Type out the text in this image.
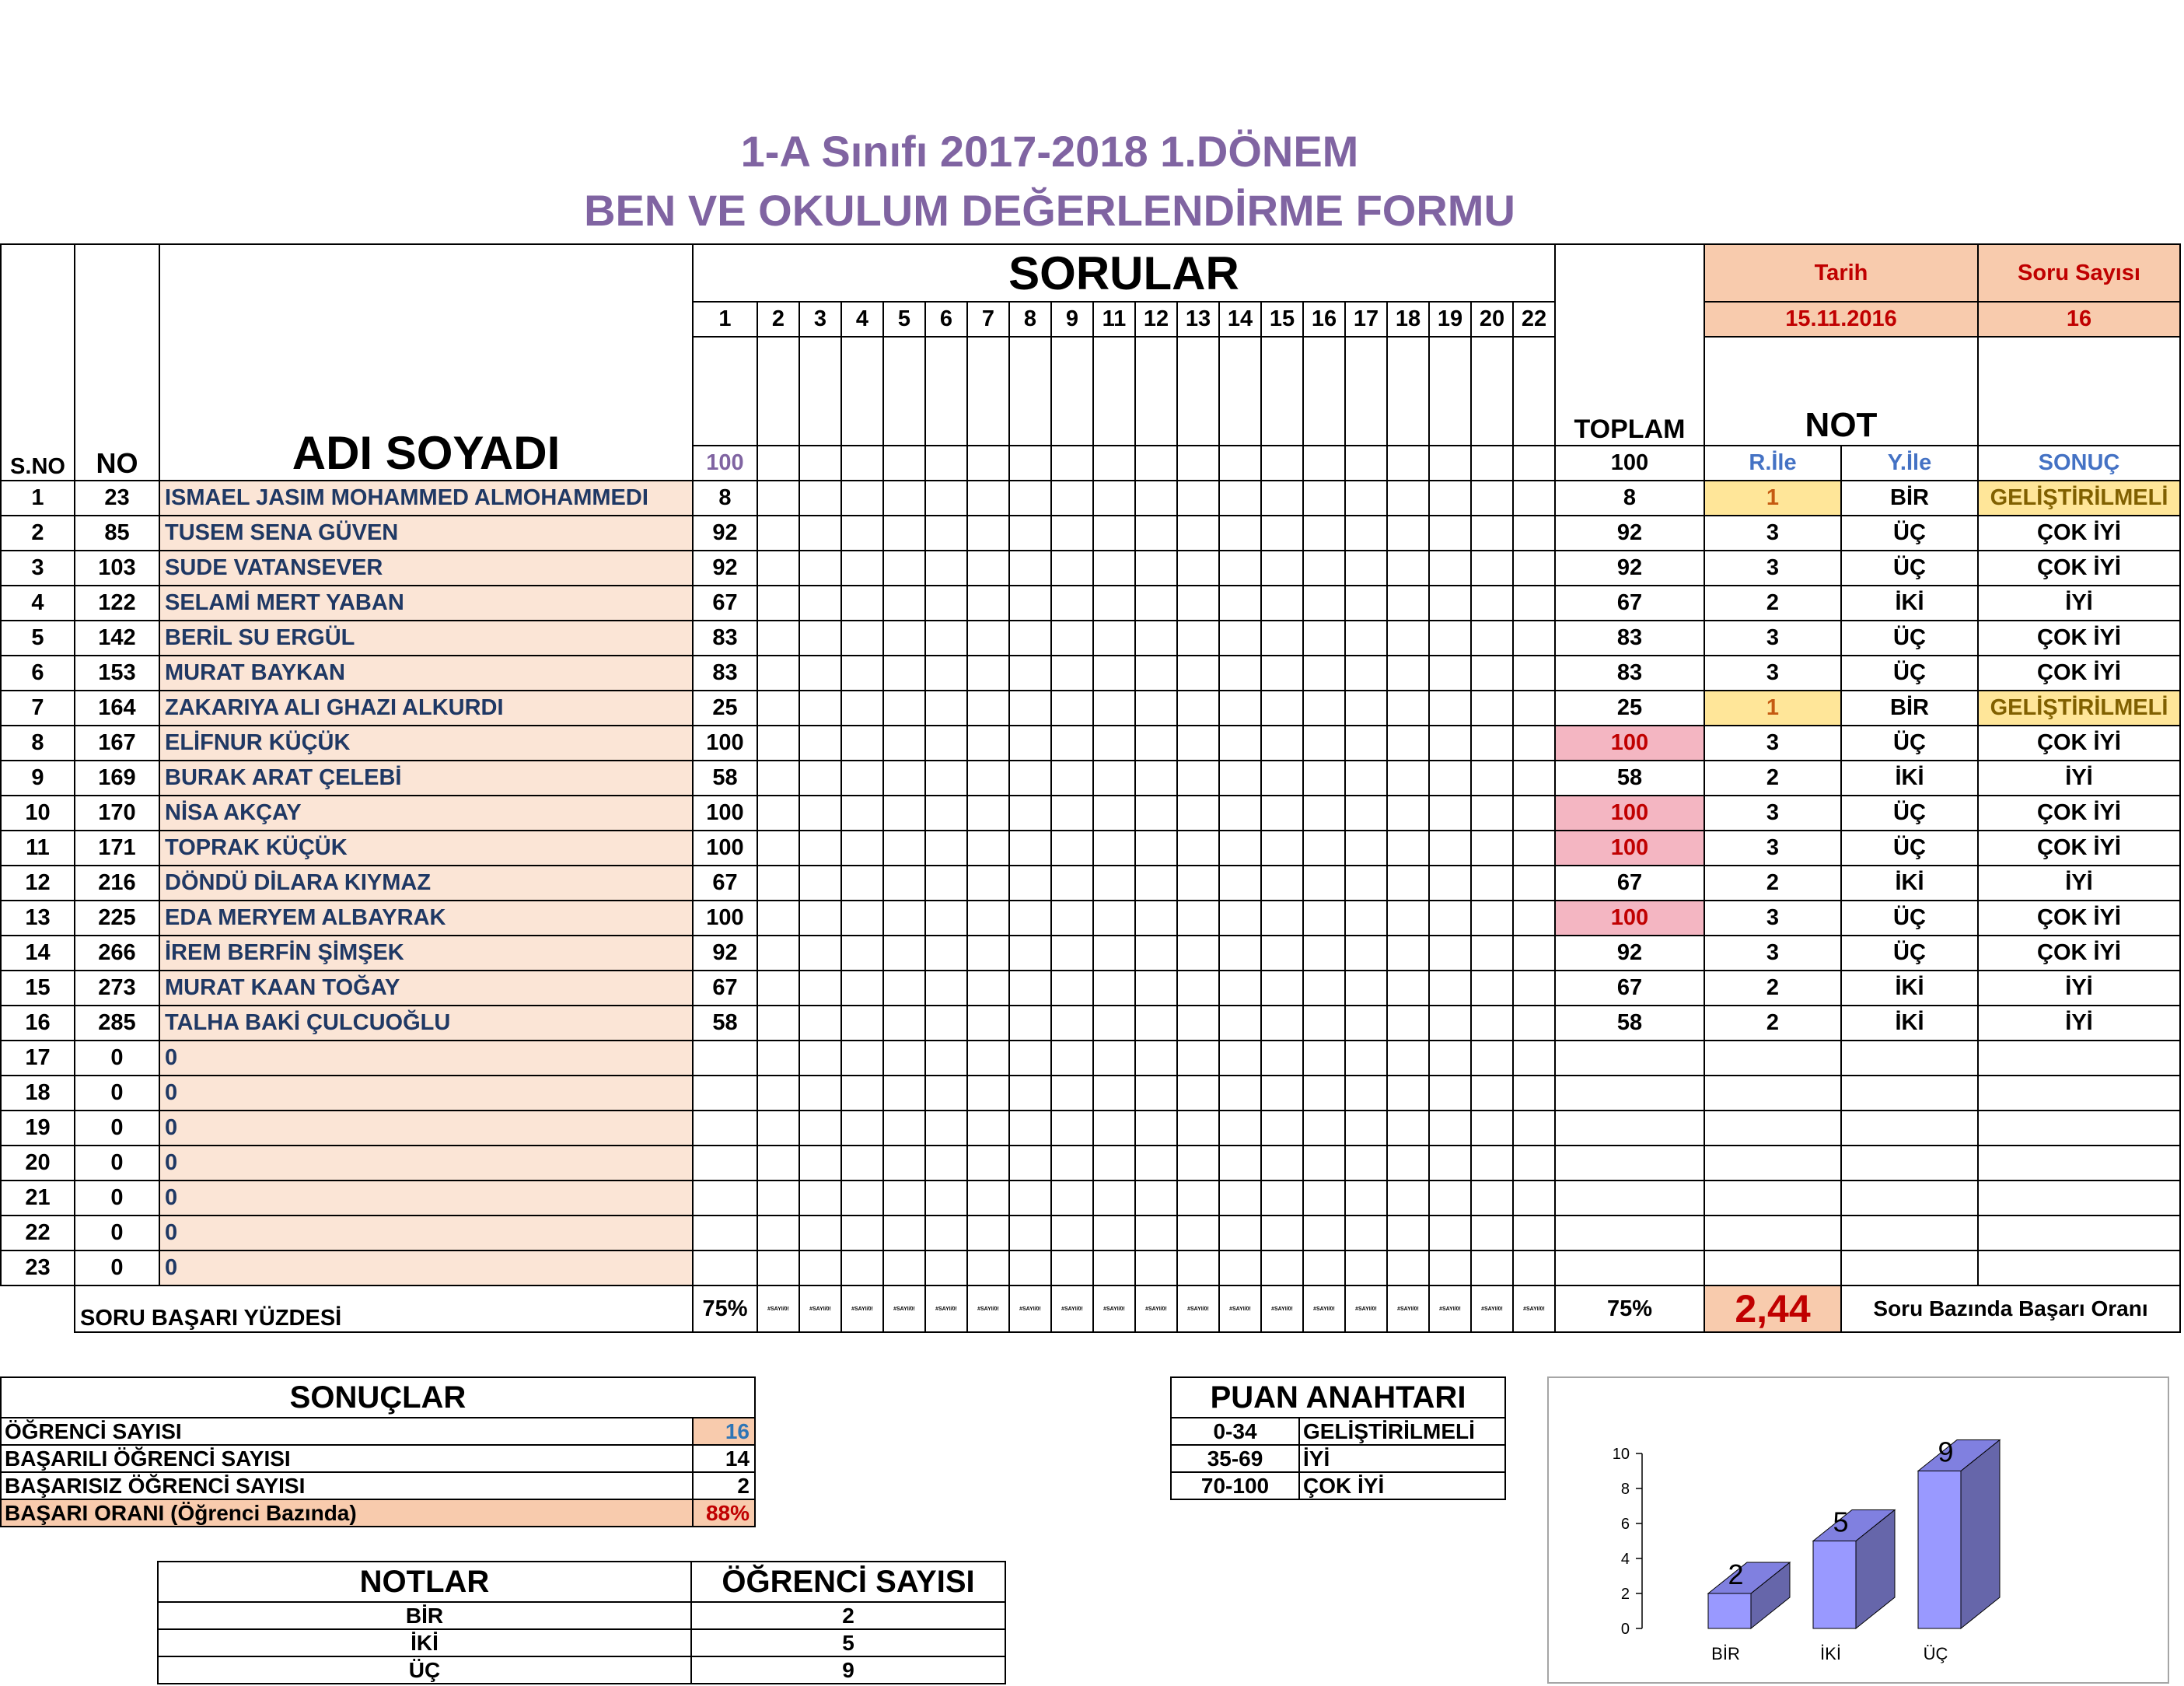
1-A Sınıfı 2017-2018 1.DÖNEM
BEN VE OKULUM DEĞERLENDİRME FORMU
S.NO	NO	ADI SOYADI	SORULAR																				TOPLAM	Tarih		Soru Sayısı
			1	2	3	4	5	6	7	8	9	11	12	13	14	15	16	17	18	19	20	22		15.11.2016		16
																								NOT		
			100																				100	R.İle	Y.İle	SONUÇ
1	23	ISMAEL JASIM MOHAMMED ALMOHAMMEDI	8																				8	1	BİR	GELİŞTİRİLMELİ
2	85	TUSEM SENA GÜVEN	92																				92	3	ÜÇ	ÇOK İYİ
3	103	SUDE VATANSEVER	92																				92	3	ÜÇ	ÇOK İYİ
4	122	SELAMİ MERT YABAN	67																				67	2	İKİ	İYİ
5	142	BERİL SU ERGÜL	83																				83	3	ÜÇ	ÇOK İYİ
6	153	MURAT BAYKAN	83																				83	3	ÜÇ	ÇOK İYİ
7	164	ZAKARIYA ALI GHAZI ALKURDI	25																				25	1	BİR	GELİŞTİRİLMELİ
8	167	ELİFNUR KÜÇÜK	100																				100	3	ÜÇ	ÇOK İYİ
9	169	BURAK ARAT ÇELEBİ	58																				58	2	İKİ	İYİ
10	170	NİSA AKÇAY	100																				100	3	ÜÇ	ÇOK İYİ
11	171	TOPRAK KÜÇÜK	100																				100	3	ÜÇ	ÇOK İYİ
12	216	DÖNDÜ DİLARA KIYMAZ	67																				67	2	İKİ	İYİ
13	225	EDA MERYEM ALBAYRAK	100																				100	3	ÜÇ	ÇOK İYİ
14	266	İREM BERFİN ŞİMŞEK	92																				92	3	ÜÇ	ÇOK İYİ
15	273	MURAT KAAN TOĞAY	67																				67	2	İKİ	İYİ
16	285	TALHA BAKİ ÇULCUOĞLU	58																				58	2	İKİ	İYİ
17	0	0																								
18	0	0																								
19	0	0																								
20	0	0																								
21	0	0																								
22	0	0																								
23	0	0																								
	SORU BAŞARI YÜZDESİ		75%	#SAYI/0!	#SAYI/0!	#SAYI/0!	#SAYI/0!	#SAYI/0!	#SAYI/0!	#SAYI/0!	#SAYI/0!	#SAYI/0!	#SAYI/0!	#SAYI/0!	#SAYI/0!	#SAYI/0!	#SAYI/0!	#SAYI/0!	#SAYI/0!	#SAYI/0!	#SAYI/0!	#SAYI/0!	75%	2,44	Soru Bazında Başarı Oranı	
SONUÇLAR	
ÖĞRENCİ SAYISI	16
BAŞARILI ÖĞRENCİ SAYISI	14
BAŞARISIZ ÖĞRENCİ SAYISI	2
BAŞARI ORANI (Öğrenci Bazında)	88%
PUAN ANAHTARI	
0-34	GELİŞTİRİLMELİ
35-69	İYİ
70-100	ÇOK İYİ
NOTLAR	ÖĞRENCİ SAYISI
BİR	2
İKİ	5
ÜÇ	9
0
2
4
6
8
10
2
BİR
5
İKİ
9
ÜÇ
